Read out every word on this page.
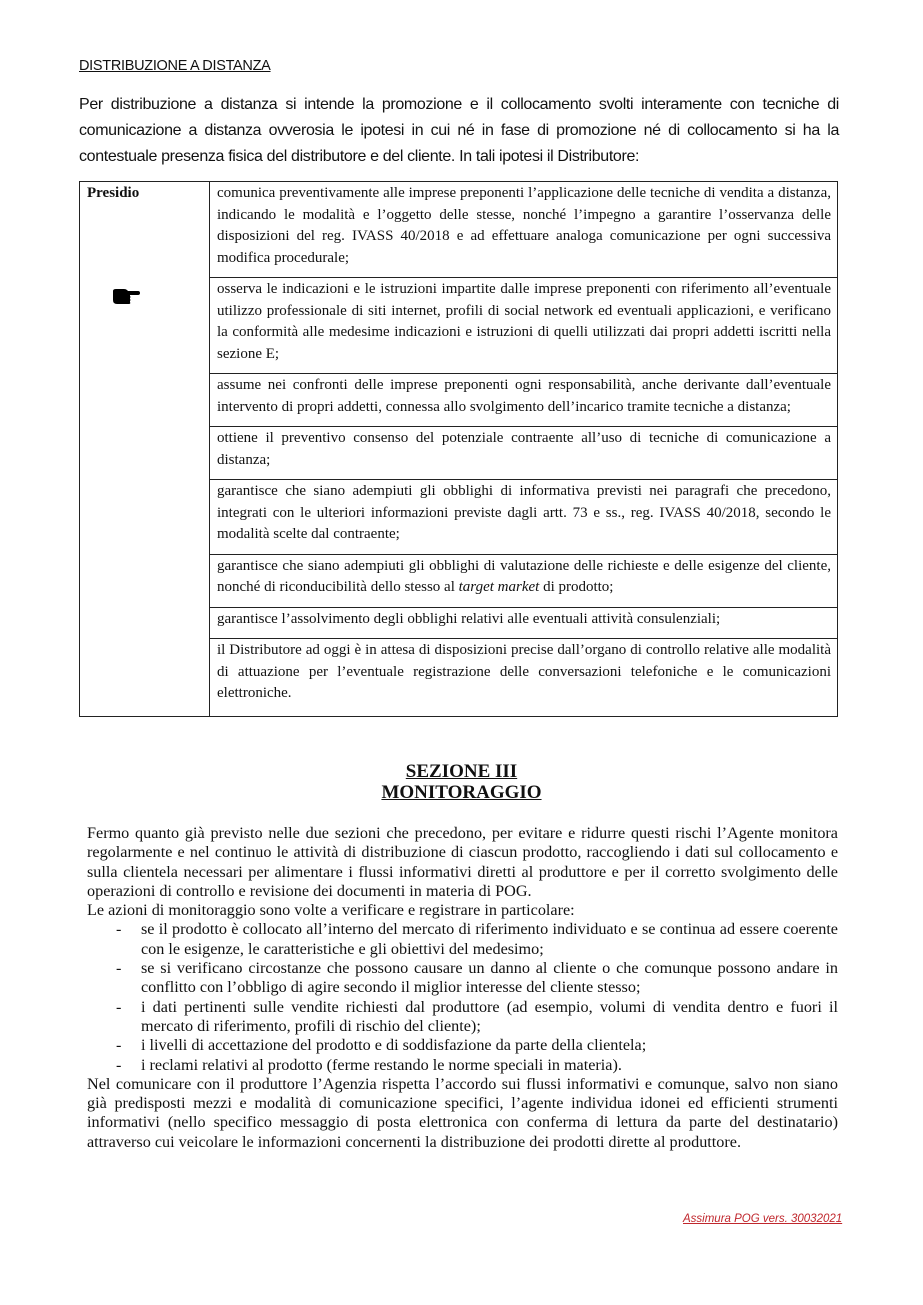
DISTRIBUZIONE A DISTANZA
Per distribuzione a distanza si intende la promozione e il collocamento svolti interamente con tecniche di comunicazione a distanza ovverosia le ipotesi in cui né in fase di promozione né di collocamento si ha la contestuale presenza fisica del distributore e del cliente. In tali ipotesi il Distributore:
Presidio	comunica preventivamente alle imprese preponenti l’applicazione delle tecniche di vendita a distanza, indicando le modalità e l’oggetto delle stesse, nonché l’impegno a garantire l’osservanza delle disposizioni del reg. IVASS 40/2018 e ad effettuare analoga comunicazione per ogni successiva modifica procedurale;
osserva le indicazioni e le istruzioni impartite dalle imprese preponenti con riferimento all’eventuale utilizzo professionale di siti internet, profili di social network ed eventuali applicazioni, e verificano la conformità alle medesime indicazioni e istruzioni di quelli utilizzati dai propri addetti iscritti nella sezione E;
assume nei confronti delle imprese preponenti ogni responsabilità, anche derivante dall’eventuale intervento di propri addetti, connessa allo svolgimento dell’incarico tramite tecniche a distanza;
ottiene il preventivo consenso del potenziale contraente all’uso di tecniche di comunicazione a distanza;
garantisce che siano adempiuti gli obblighi di informativa previsti nei paragrafi che precedono, integrati con le ulteriori informazioni previste dagli artt. 73 e ss., reg. IVASS 40/2018, secondo le modalità scelte dal contraente;
garantisce che siano adempiuti gli obblighi di valutazione delle richieste e delle esigenze del cliente, nonché di riconducibilità dello stesso al target market di prodotto;
garantisce l’assolvimento degli obblighi relativi alle eventuali attività consulenziali;
il Distributore ad oggi è in attesa di disposizioni precise dall’organo di controllo relative alle modalità di attuazione per l’eventuale registrazione delle conversazioni telefoniche e le comunicazioni elettroniche.
SEZIONE III
MONITORAGGIO

Fermo quanto già previsto nelle due sezioni che precedono, per evitare e ridurre questi rischi l’Agente monitora regolarmente e nel continuo le attività di distribuzione di ciascun prodotto, raccogliendo i dati sul collocamento e sulla clientela necessari per alimentare i flussi informativi diretti al produttore e per il corretto svolgimento delle operazioni di controllo e revisione dei documenti in materia di POG.

Le azioni di monitoraggio sono volte a verificare e registrare in particolare:

- se il prodotto è collocato all’interno del mercato di riferimento individuato e se continua ad essere coerente con le esigenze, le caratteristiche e gli obiettivi del medesimo;
- se si verificano circostanze che possono causare un danno al cliente o che comunque possono andare in conflitto con l’obbligo di agire secondo il miglior interesse del cliente stesso;
- i dati pertinenti sulle vendite richiesti dal produttore (ad esempio, volumi di vendita dentro e fuori il mercato di riferimento, profili di rischio del cliente);
- i livelli di accettazione del prodotto e di soddisfazione da parte della clientela;
- i reclami relativi al prodotto (ferme restando le norme speciali in materia).

Nel comunicare con il produttore l’Agenzia rispetta l’accordo sui flussi informativi e comunque, salvo non siano già predisposti mezzi e modalità di comunicazione specifici, l’agente individua idonei ed efficienti strumenti informativi (nello specifico messaggio di posta elettronica con conferma di lettura da parte del destinatario) attraverso cui veicolare le informazioni concernenti la distribuzione dei prodotti dirette al produttore.

Assimura POG vers. 30032021
